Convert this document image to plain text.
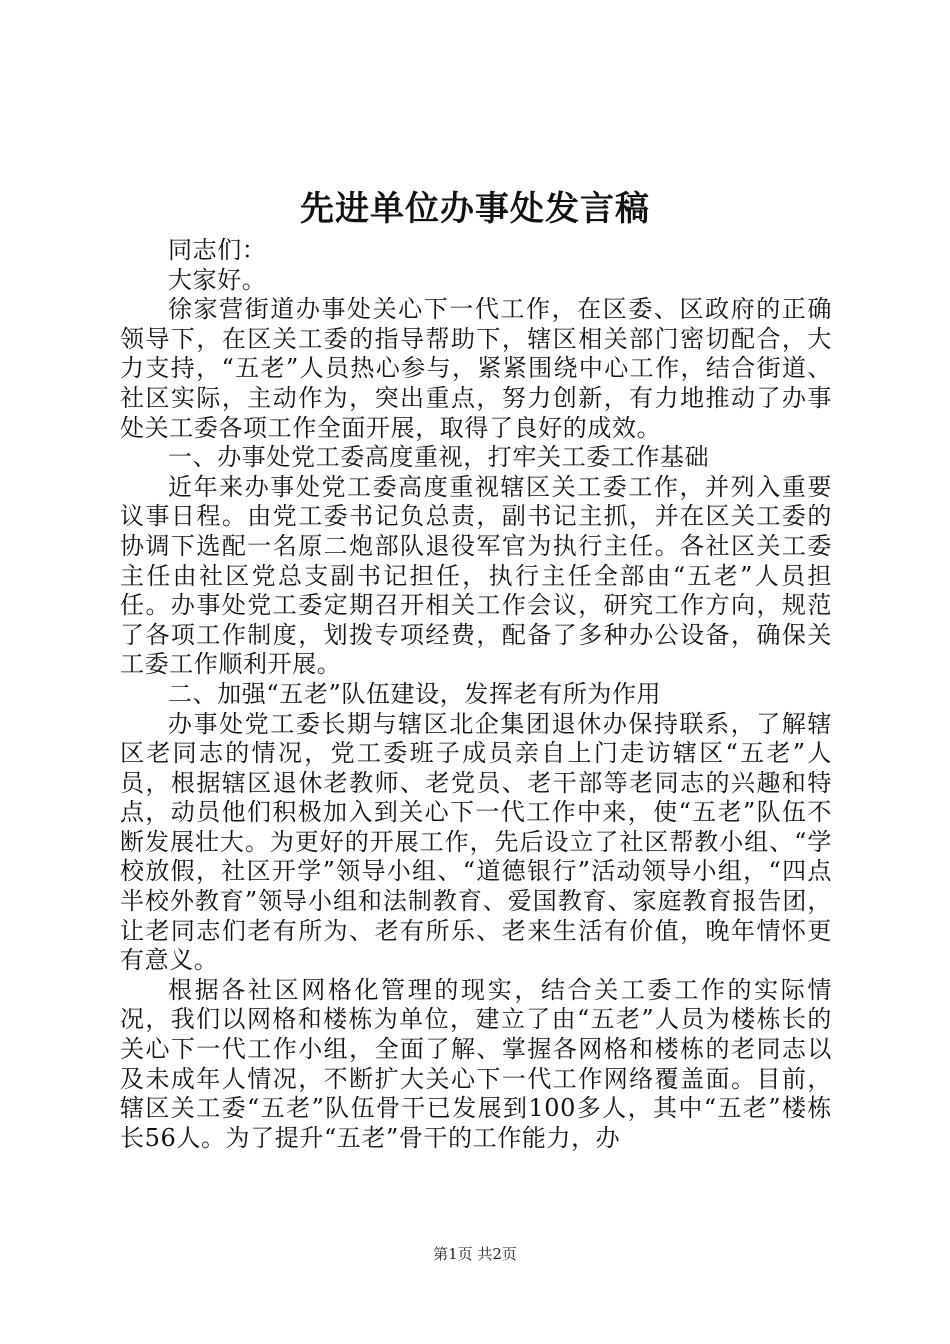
先进单位办事处发言稿

同志们：

大家好。

徐家营街道办事处关心下一代工作，在区委、区政府的正确领导下，在区关工委的指导帮助下，辖区相关部门密切配合，大力支持，“五老”人员热心参与，紧紧围绕中心工作，结合街道、社区实际，主动作为，突出重点，努力创新，有力地推动了办事处关工委各项工作全面开展，取得了良好的成效。

一、办事处党工委高度重视，打牢关工委工作基础

近年来办事处党工委高度重视辖区关工委工作，并列入重要议事日程。由党工委书记负总责，副书记主抓，并在区关工委的协调下选配一名原二炮部队退役军官为执行主任。各社区关工委主任由社区党总支副书记担任，执行主任全部由“五老”人员担任。办事处党工委定期召开相关工作会议，研究工作方向，规范了各项工作制度，划拨专项经费，配备了多种办公设备，确保关工委工作顺利开展。

二、加强“五老”队伍建设，发挥老有所为作用

办事处党工委长期与辖区北企集团退休办保持联系，了解辖区老同志的情况，党工委班子成员亲自上门走访辖区“五老”人员，根据辖区退休老教师、老党员、老干部等老同志的兴趣和特点，动员他们积极加入到关心下一代工作中来，使“五老”队伍不断发展壮大。为更好的开展工作，先后设立了社区帮教小组、“学校放假，社区开学”领导小组、“道德银行”活动领导小组，“四点半校外教育”领导小组和法制教育、爱国教育、家庭教育报告团，让老同志们老有所为、老有所乐、老来生活有价值，晚年情怀更有意义。

根据各社区网格化管理的现实，结合关工委工作的实际情况，我们以网格和楼栋为单位，建立了由“五老”人员为楼栋长的关心下一代工作小组，全面了解、掌握各网格和楼栋的老同志以及未成年人情况，不断扩大关心下一代工作网络覆盖面。目前，辖区关工委“五老”队伍骨干已发展到100多人，其中“五老”楼栋长56人。为了提升“五老”骨干的工作能力，办

第1页 共2页
